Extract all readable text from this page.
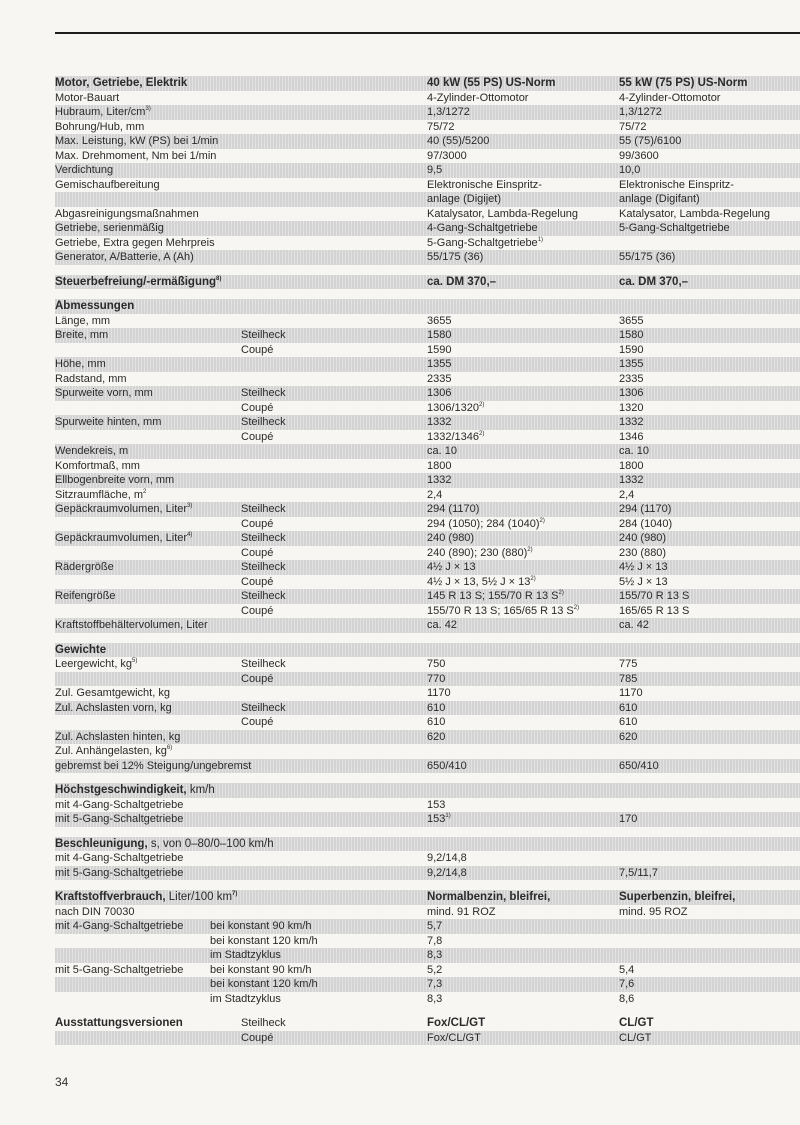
Motor, Getriebe, Elektrik	40 kW (55 PS) US-Norm	55 kW (75 PS) US-Norm
Motor-Bauart	4-Zylinder-Ottomotor	4-Zylinder-Ottomotor
Hubraum, Liter/$cm^{3)}$	1,3/1272	1,3/1272
Bohrung/Hub, mm	75/72	75/72
Max. Leistung, kW (PS) bei 1/min	40 (55)/5200	55 (75)/6100
Max. Drehmoment, Nm bei 1/min	97/3000	99/3600
Verdichtung	9,5	10,0
Gemischaufbereitung	Elektronische Einspritz-	Elektronische Einspritz-
anlage (Digijet)	anlage (Digifant)
Abgasreinigungsmaßnahmen	Katalysator, Lambda-Regelung	Katalysator, Lambda-Regelung
Getriebe, serienmäßig	4-Gang-Schaltgetriebe	5-Gang-Schaltgetriebe
Getriebe, Extra gegen Mehrpreis	5-Gang-Schaltgetriebe$^{1)}$
Generator, A/Batterie, A (Ah)	55/175 (36)	55/175 (36)
Steuerbefreiung/-ermäßigung$^{8)}$	ca. DM 370,–	ca. DM 370,–
Abmessungen
Länge, mm	3655	3655
Breite, mm	Steilheck	1580	1580
Coupé	1590	1590
Höhe, mm	1355	1355
Radstand, mm	2335	2335
Spurweite vorn, mm	Steilheck	1306	1306
Coupé	1306/1320$^{2)}$	1320
Spurweite hinten, mm	Steilheck	1332	1332
Coupé	1332/1346$^{2)}$	1346
Wendekreis, m	ca. 10	ca. 10
Komfortmaß, mm	1800	1800
Ellbogenbreite vorn, mm	1332	1332
Sitzraumfläche, $m^2$	2,4	2,4
Gepäckraumvolumen, Liter$^{3)}$	Steilheck	294 (1170)	294 (1170)
Coupé	294 (1050); 284 $(1040)^{2)}$	284 (1040)
Gepäckraumvolumen, Liter$^{4)}$	Steilheck	240 (980)	240 (980)
Coupé	240 (890); 230 $(880)^{2)}$	230 (880)
Rädergröße	Steilheck	4½ J × 13	4½ J × 13
Coupé	4½ J × 13, 5½ $J \times 13^{2)}$	5½ J × 13
Reifengröße	Steilheck	145 R 13 S; 155/70 R 13 $S^{2)}$	155/70 R 13 S
Coupé	155/70 R 13 S; 165/65 R 13 $S^{2)}$	165/65 R 13 S
Kraftstoffbehältervolumen, Liter	ca. 42	ca. 42
Gewichte
Leergewicht, $kg^{5)}$	Steilheck	750	775
Coupé	770	785
Zul. Gesamtgewicht, kg	1170	1170
Zul. Achslasten vorn, kg	Steilheck	610	610
Coupé	610	610
Zul. Achslasten hinten, kg	620	620
Zul. Anhängelasten, $kg^{6)}$
gebremst bei 12% Steigung/ungebremst	650/410	650/410
Höchstgeschwindigkeit, km/h
mit 4-Gang-Schaltgetriebe	153
mit 5-Gang-Schaltgetriebe	153$^{1)}$	170
Beschleunigung, s, von 0–80/0–100 km/h
mit 4-Gang-Schaltgetriebe	9,2/14,8
mit 5-Gang-Schaltgetriebe	9,2/14,8	7,5/11,7
Kraftstoffverbrauch, Liter/100 $km^{7)}$	Normalbenzin, bleifrei,	Superbenzin, bleifrei,
nach DIN 70030	mind. 91 ROZ	mind. 95 ROZ
mit 4-Gang-Schaltgetriebe bei konstant 90 km/h	5,7
bei konstant 120 km/h	7,8
im Stadtzyklus	8,3
mit 5-Gang-Schaltgetriebe bei konstant 90 km/h	5,2	5,4
bei konstant 120 km/h	7,3	7,6
im Stadtzyklus	8,3	8,6
Ausstattungsversionen	Steilheck	Fox/CL/GT	CL/GT
Coupé	Fox/CL/GT	CL/GT
34
